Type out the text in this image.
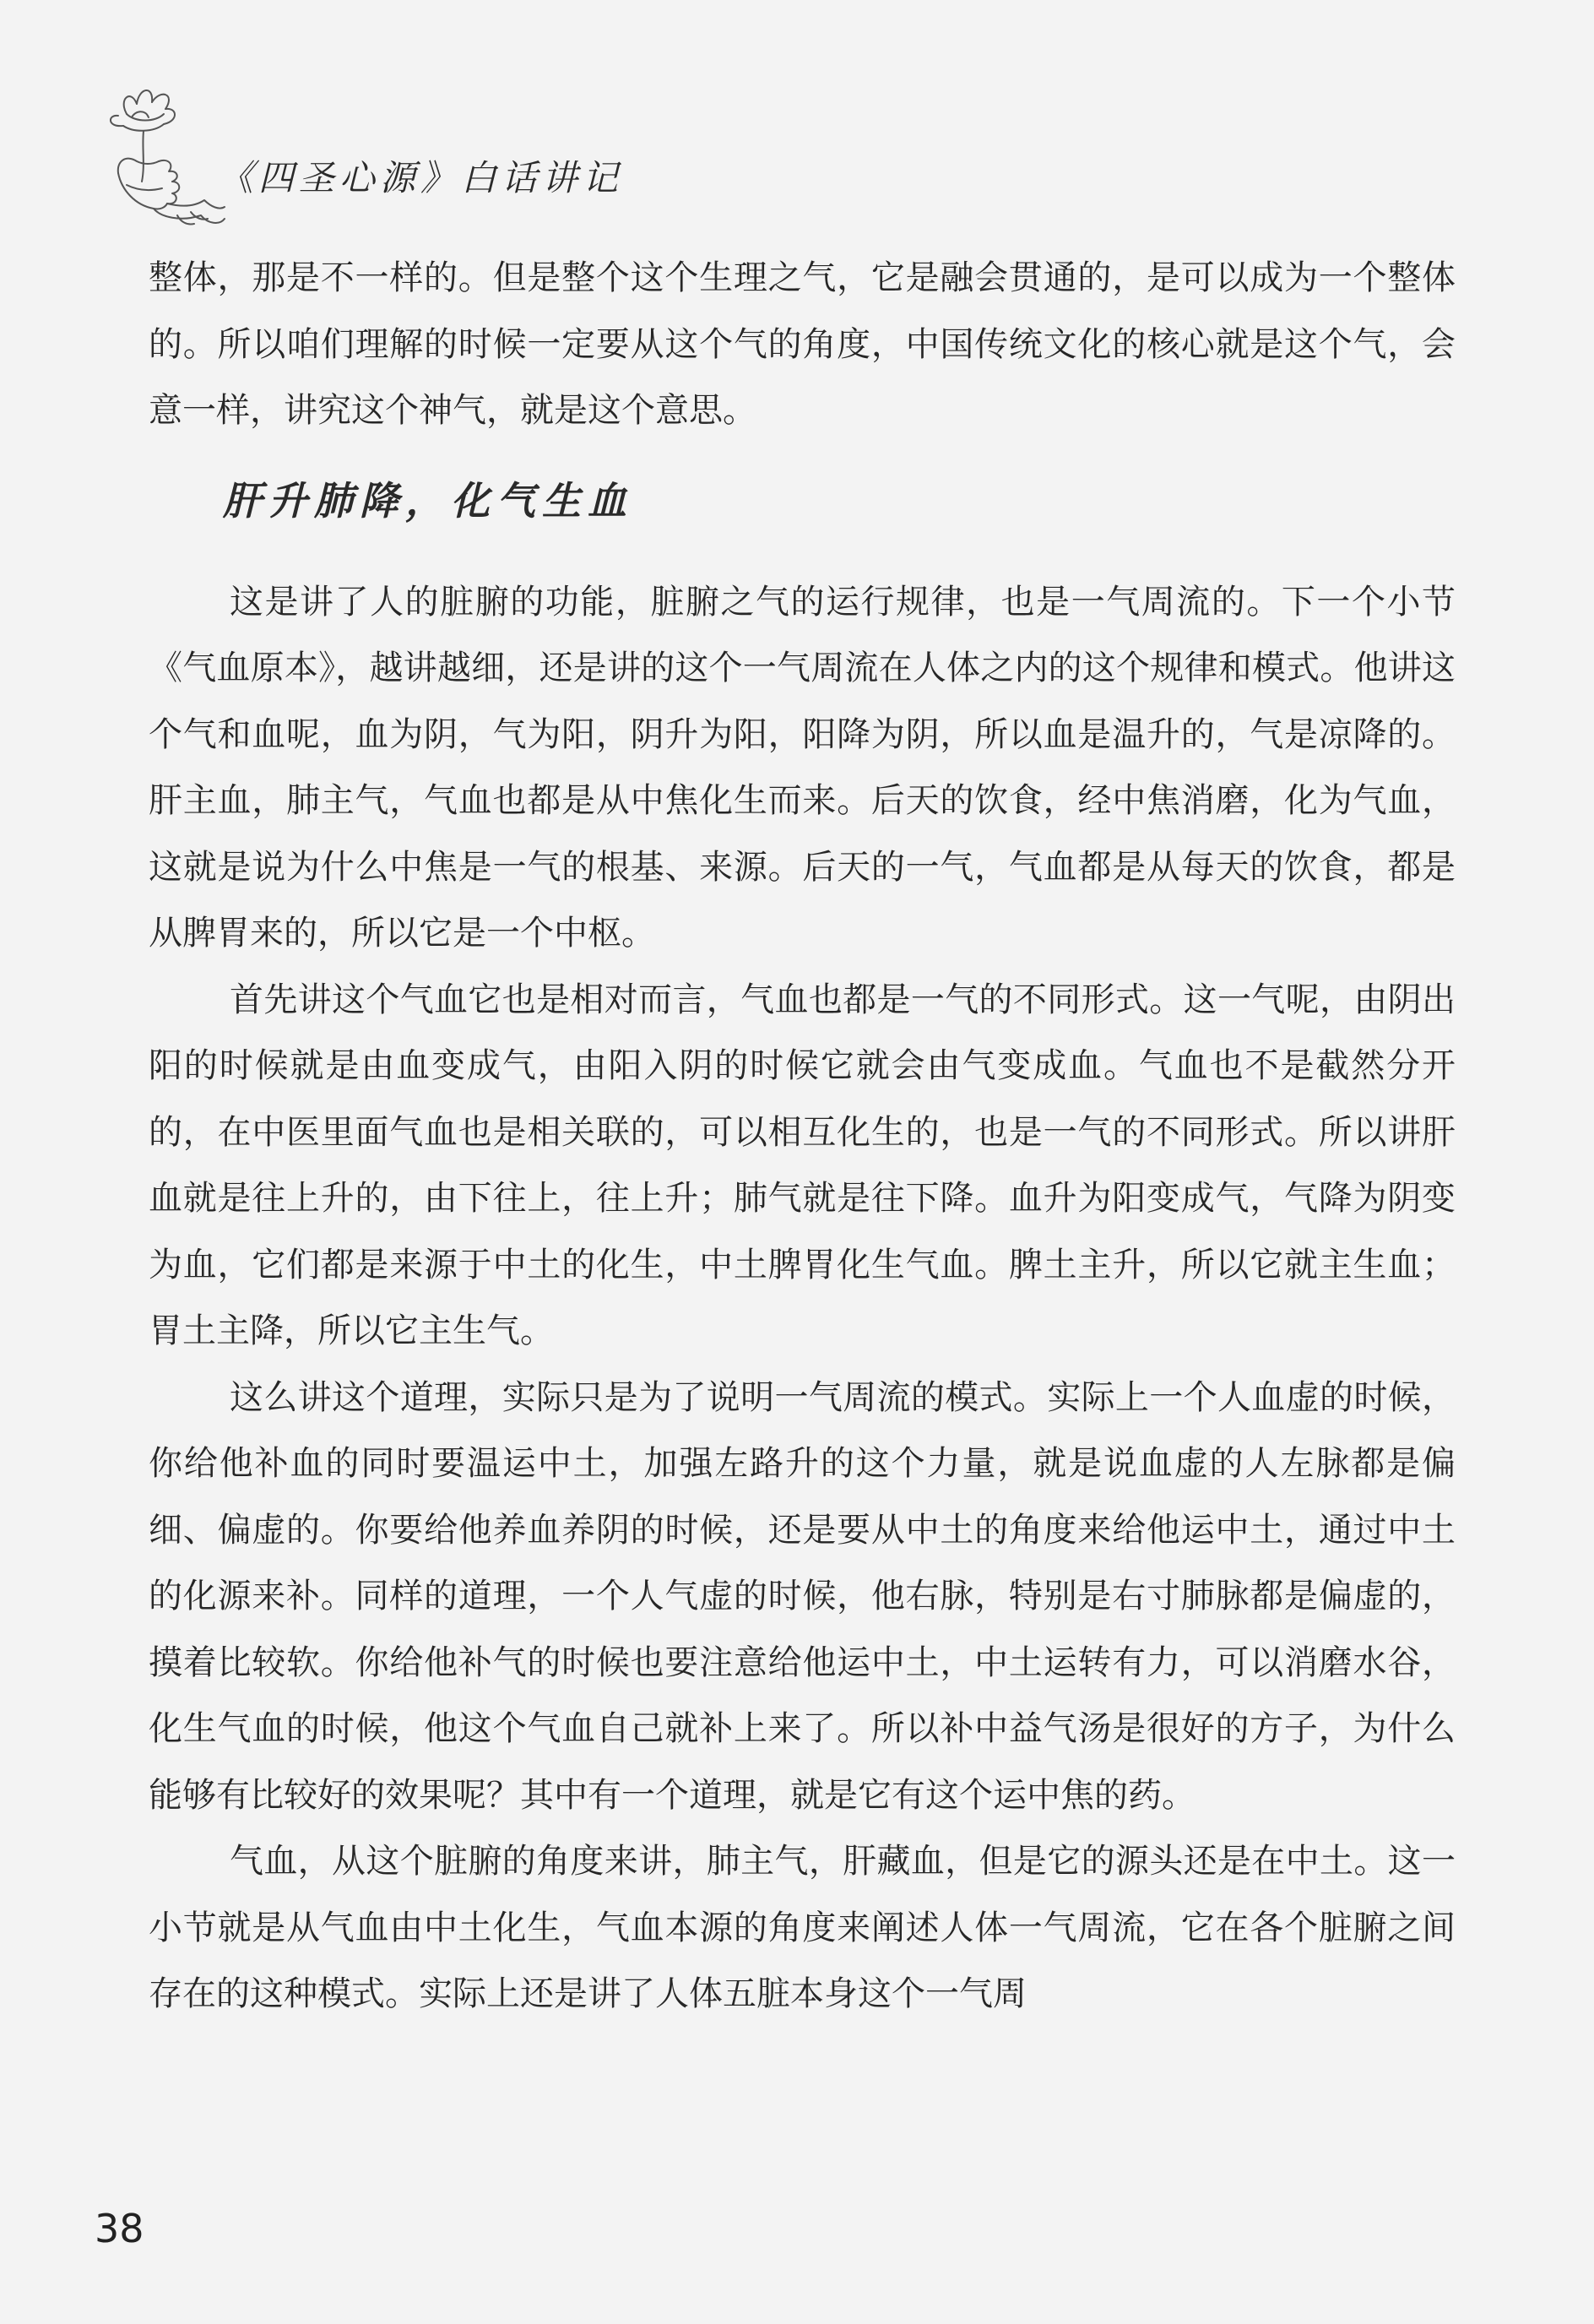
《四圣心源》白话讲记

整体，那是不一样的。但是整个这个生理之气，它是融会贯通的，是可以成为一个整体的。所以咱们理解的时候一定要从这个气的角度，中国传统文化的核心就是这个气，会意一样，讲究这个神气，就是这个意思。

肝升肺降，化气生血

这是讲了人的脏腑的功能，脏腑之气的运行规律，也是一气周流的。下一个小节《气血原本》，越讲越细，还是讲的这个一气周流在人体之内的这个规律和模式。他讲这个气和血呢，血为阴，气为阳，阴升为阳，阳降为阴，所以血是温升的，气是凉降的。肝主血，肺主气，气血也都是从中焦化生而来。后天的饮食，经中焦消磨，化为气血，这就是说为什么中焦是一气的根基、来源。后天的一气，气血都是从每天的饮食，都是从脾胃来的，所以它是一个中枢。

首先讲这个气血它也是相对而言，气血也都是一气的不同形式。这一气呢，由阴出阳的时候就是由血变成气，由阳入阴的时候它就会由气变成血。气血也不是截然分开的，在中医里面气血也是相关联的，可以相互化生的，也是一气的不同形式。所以讲肝血就是往上升的，由下往上，往上升；肺气就是往下降。血升为阳变成气，气降为阴变为血，它们都是来源于中土的化生，中土脾胃化生气血。脾土主升，所以它就主生血；胃土主降，所以它主生气。

这么讲这个道理，实际只是为了说明一气周流的模式。实际上一个人血虚的时候，你给他补血的同时要温运中土，加强左路升的这个力量，就是说血虚的人左脉都是偏细、偏虚的。你要给他养血养阴的时候，还是要从中土的角度来给他运中土，通过中土的化源来补。同样的道理，一个人气虚的时候，他右脉，特别是右寸肺脉都是偏虚的，摸着比较软。你给他补气的时候也要注意给他运中土，中土运转有力，可以消磨水谷，化生气血的时候，他这个气血自己就补上来了。所以补中益气汤是很好的方子，为什么能够有比较好的效果呢？其中有一个道理，就是它有这个运中焦的药。

气血，从这个脏腑的角度来讲，肺主气，肝藏血，但是它的源头还是在中土。这一小节就是从气血由中土化生，气血本源的角度来阐述人体一气周流，它在各个脏腑之间存在的这种模式。实际上还是讲了人体五脏本身这个一气周

38
